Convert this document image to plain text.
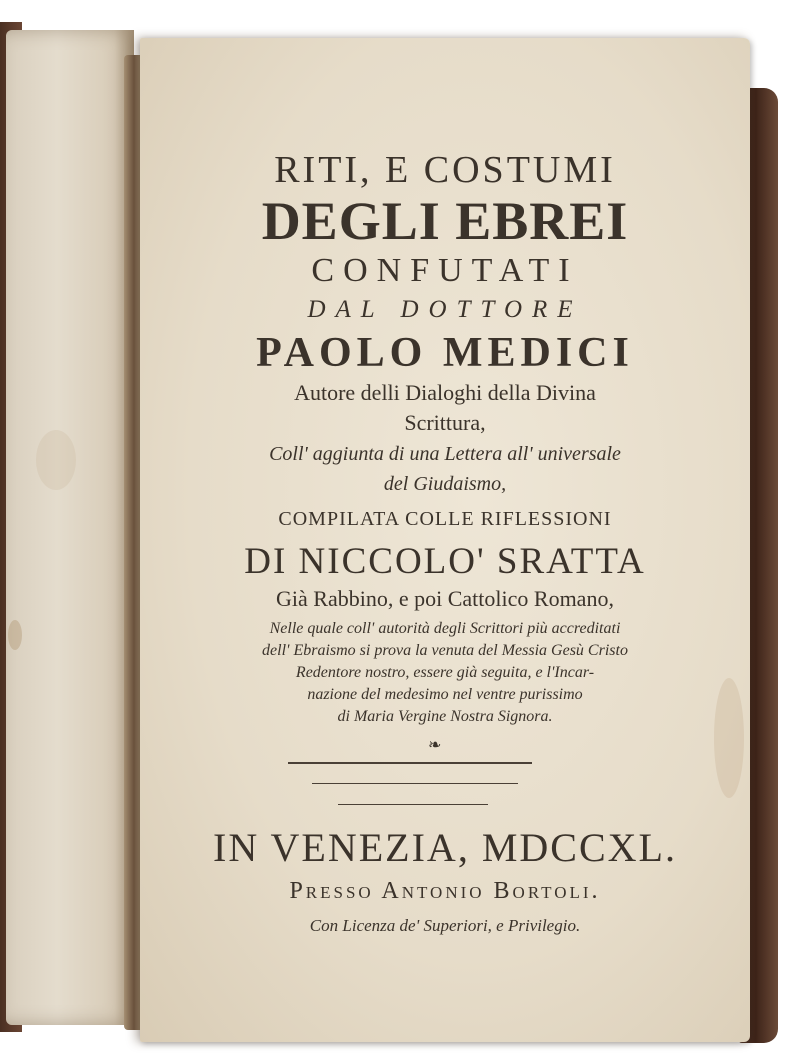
RITI, E COSTUMI
DEGLI EBREI
CONFUTATI
DAL DOTTORE
PAOLO MEDICI
Autore delli Dialoghi della Divina
Scrittura,
Coll' aggiunta di una Lettera all' universale
del Giudaismo,
COMPILATA COLLE RIFLESSIONI
DI NICCOLO' SRATTA
Già Rabbino, e poi Cattolico Romano,
Nelle quale coll' autorità degli Scrittori più accreditati
dell' Ebraismo si prova la venuta del Messia Gesù Cristo
Redentore nostro, essere già seguita, e l'Incar-
nazione del medesimo nel ventre purissimo
di Maria Vergine Nostra Signora.
❧
IN VENEZIA, MDCCXL.
Presso Antonio Bortoli.
Con Licenza de' Superiori, e Privilegio.
